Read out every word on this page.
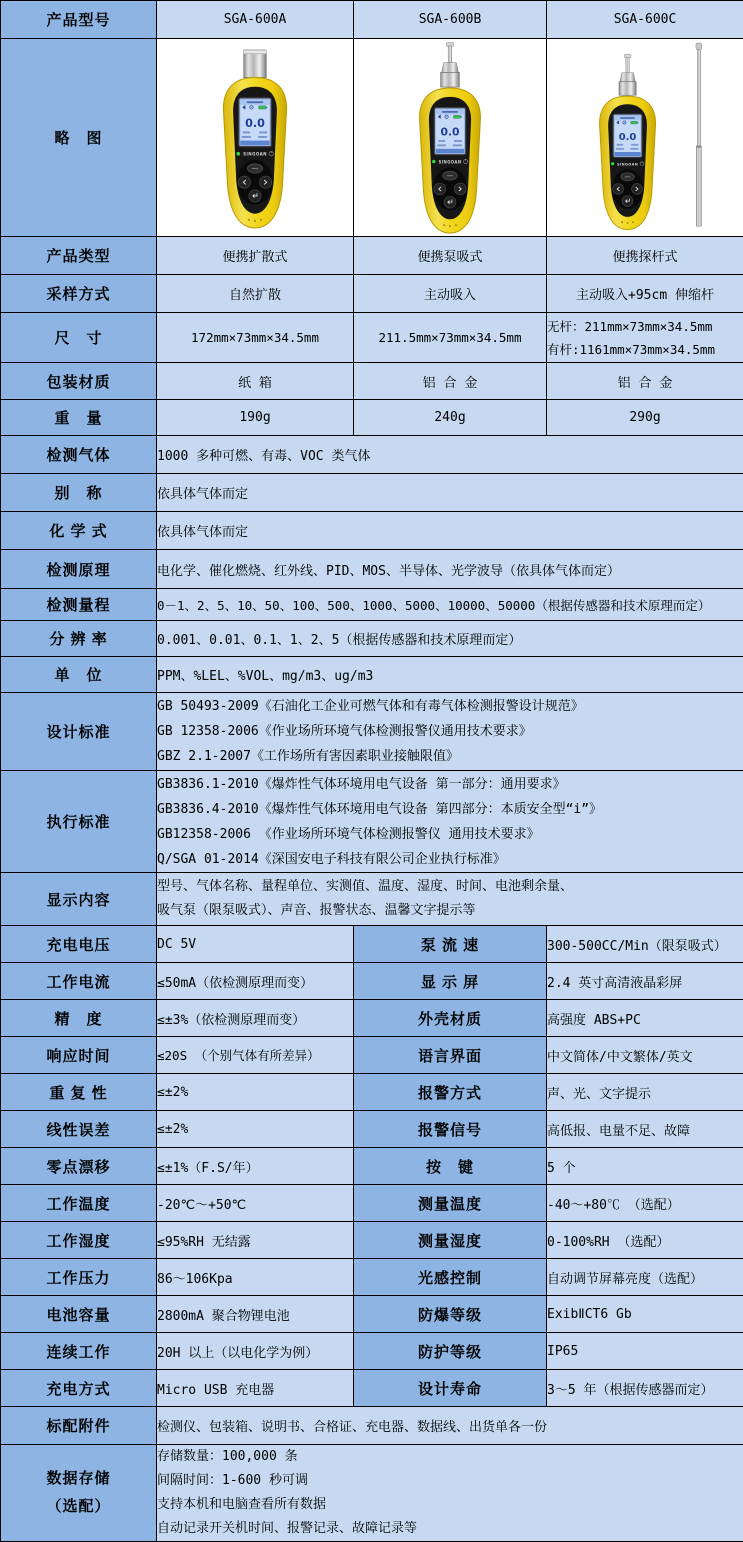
产品型号	SGA-600A	SGA-600B	SGA-600C
略　图	

产品类型	便携扩散式	便携泵吸式	便携探杆式
采样方式	自然扩散	主动吸入	主动吸入+95cm 伸缩杆
尺　寸	172mm×73mm×34.5mm	211.5mm×73mm×34.5mm	无杆：211mm×73mm×34.5mm
有杆:1161mm×73mm×34.5mm

包装材质	纸 箱	铝 合 金	铝 合 金
重　量	190g	240g	290g
检测气体	1000 多种可燃、有毒、VOC 类气体		
别　称	依具体气体而定		
化 学 式	依具体气体而定		
检测原理	电化学、催化燃烧、红外线、PID、MOS、半导体、光学波导（依具体气体而定）		
检测量程	0－1、2、5、10、50、100、500、1000、5000、10000、50000（根据传感器和技术原理而定）		
分 辨 率	0.001、0.01、0.1、1、2、5（根据传感器和技术原理而定）		
单　位	PPM、%LEL、%VOL、mg/m3、ug/m3		
设计标准	GB 50493-2009《石油化工企业可燃气体和有毒气体检测报警设计规范》
GB 12358-2006《作业场所环境气体检测报警仪通用技术要求》
GBZ 2.1-2007《工作场所有害因素职业接触限值》		

执行标准	GB3836.1-2010《爆炸性气体环境用电气设备 第一部分：通用要求》
GB3836.4-2010《爆炸性气体环境用电气设备 第四部分：本质安全型“i”》
GB12358-2006 《作业场所环境气体检测报警仪 通用技术要求》
Q/SGA 01-2014《深国安电子科技有限公司企业执行标准》		

显示内容	型号、气体名称、量程单位、实测值、温度、湿度、时间、电池剩余量、
吸气泵（限泵吸式）、声音、报警状态、温馨文字提示等		

充电电压	DC 5V	泵 流 速	300-500CC/Min（限泵吸式）
工作电流	≤50mA（依检测原理而变）	显 示 屏	2.4 英寸高清液晶彩屏
精　度	≤±3%（依检测原理而变）	外壳材质	高强度 ABS+PC
响应时间	≤20S （个别气体有所差异）	语言界面	中文简体/中文繁体/英文
重 复 性	≤±2%	报警方式	声、光、文字提示
线性误差	≤±2%	报警信号	高低报、电量不足、故障
零点漂移	≤±1%（F.S/年）	按　键	5 个
工作温度	-20℃～+50℃	测量温度	-40～+80℃ （选配）
工作湿度	≤95%RH 无结露	测量湿度	0-100%RH （选配）
工作压力	86～106Kpa	光感控制	自动调节屏幕亮度（选配）
电池容量	2800mA 聚合物锂电池	防爆等级	ExibⅡCT6 Gb
连续工作	20H 以上（以电化学为例）	防护等级	IP65
充电方式	Micro USB 充电器	设计寿命	3～5 年（根据传感器而定）
标配附件	检测仪、包装箱、说明书、合格证、充电器、数据线、出货单各一份		

数据存储
（选配）

存储数量：100,000 条
间隔时间：1-600 秒可调
支持本机和电脑查看所有数据
自动记录开关机时间、报警记录、故障记录等
